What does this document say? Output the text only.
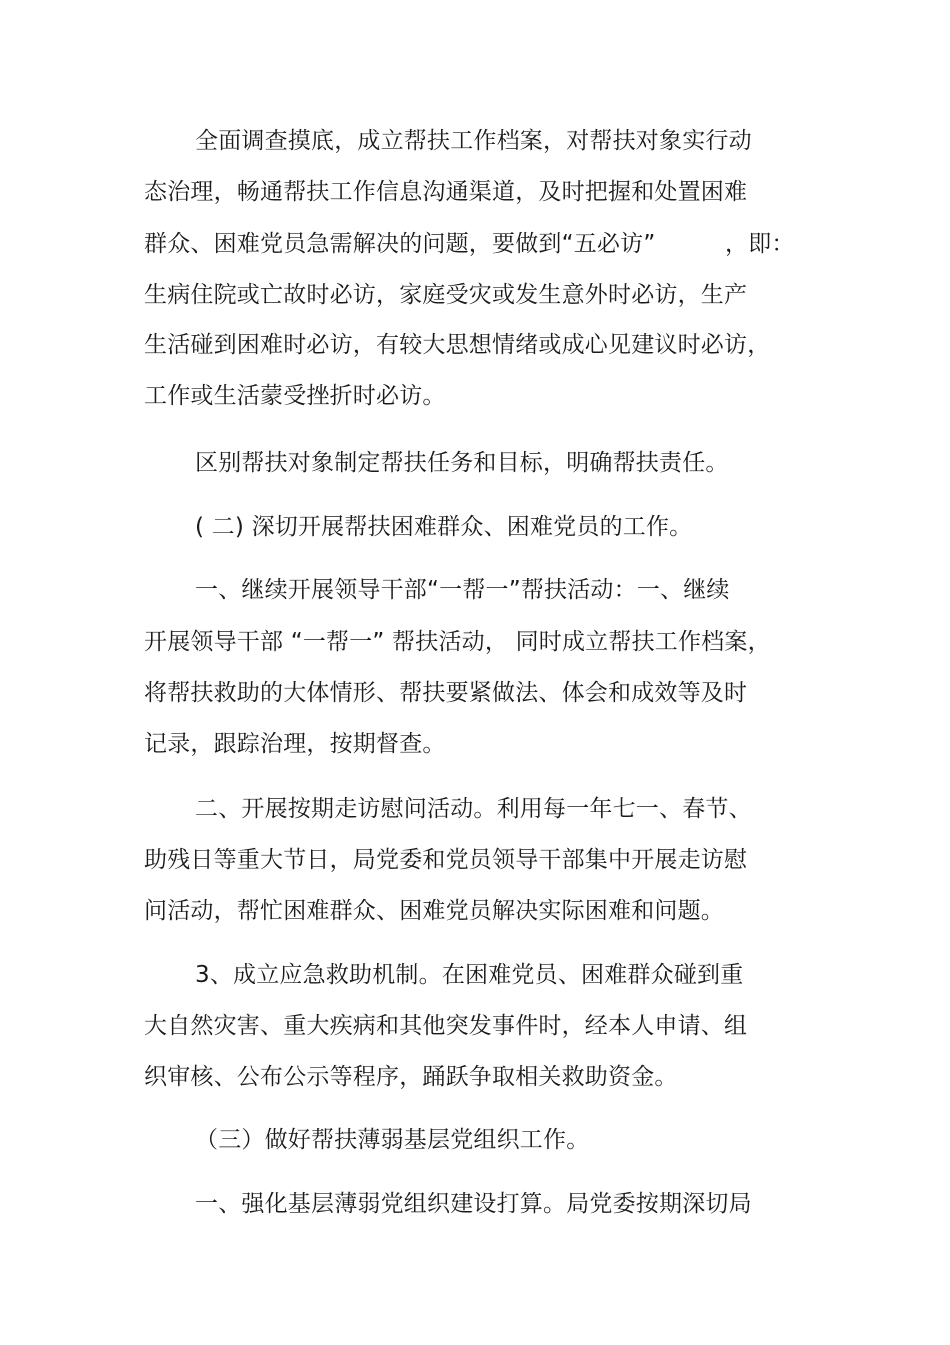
全面调查摸底，成立帮扶工作档案，对帮扶对象实行动
态治理，畅通帮扶工作信息沟通渠道，及时把握和处置困难
群众、困难党员急需解决的问题，要做到“五必访”　　　，即：
生病住院或亡故时必访，家庭受灾或发生意外时必访，生产
生活碰到困难时必访，有较大思想情绪或成心见建议时必访，
工作或生活蒙受挫折时必访。
区别帮扶对象制定帮扶任务和目标，明确帮扶责任。
( 二) 深切开展帮扶困难群众、困难党员的工作。
一、继续开展领导干部“一帮一”帮扶活动：一、继续
开展领导干部 “一帮一” 帮扶活动， 同时成立帮扶工作档案，
将帮扶救助的大体情形、帮扶要紧做法、体会和成效等及时
记录，跟踪治理，按期督查。
二、开展按期走访慰问活动。利用每一年七一、春节、
助残日等重大节日，局党委和党员领导干部集中开展走访慰
问活动，帮忙困难群众、困难党员解决实际困难和问题。
3、成立应急救助机制。在困难党员、困难群众碰到重
大自然灾害、重大疾病和其他突发事件时，经本人申请、组
织审核、公布公示等程序，踊跃争取相关救助资金。
（三）做好帮扶薄弱基层党组织工作。
一、强化基层薄弱党组织建设打算。局党委按期深切局
